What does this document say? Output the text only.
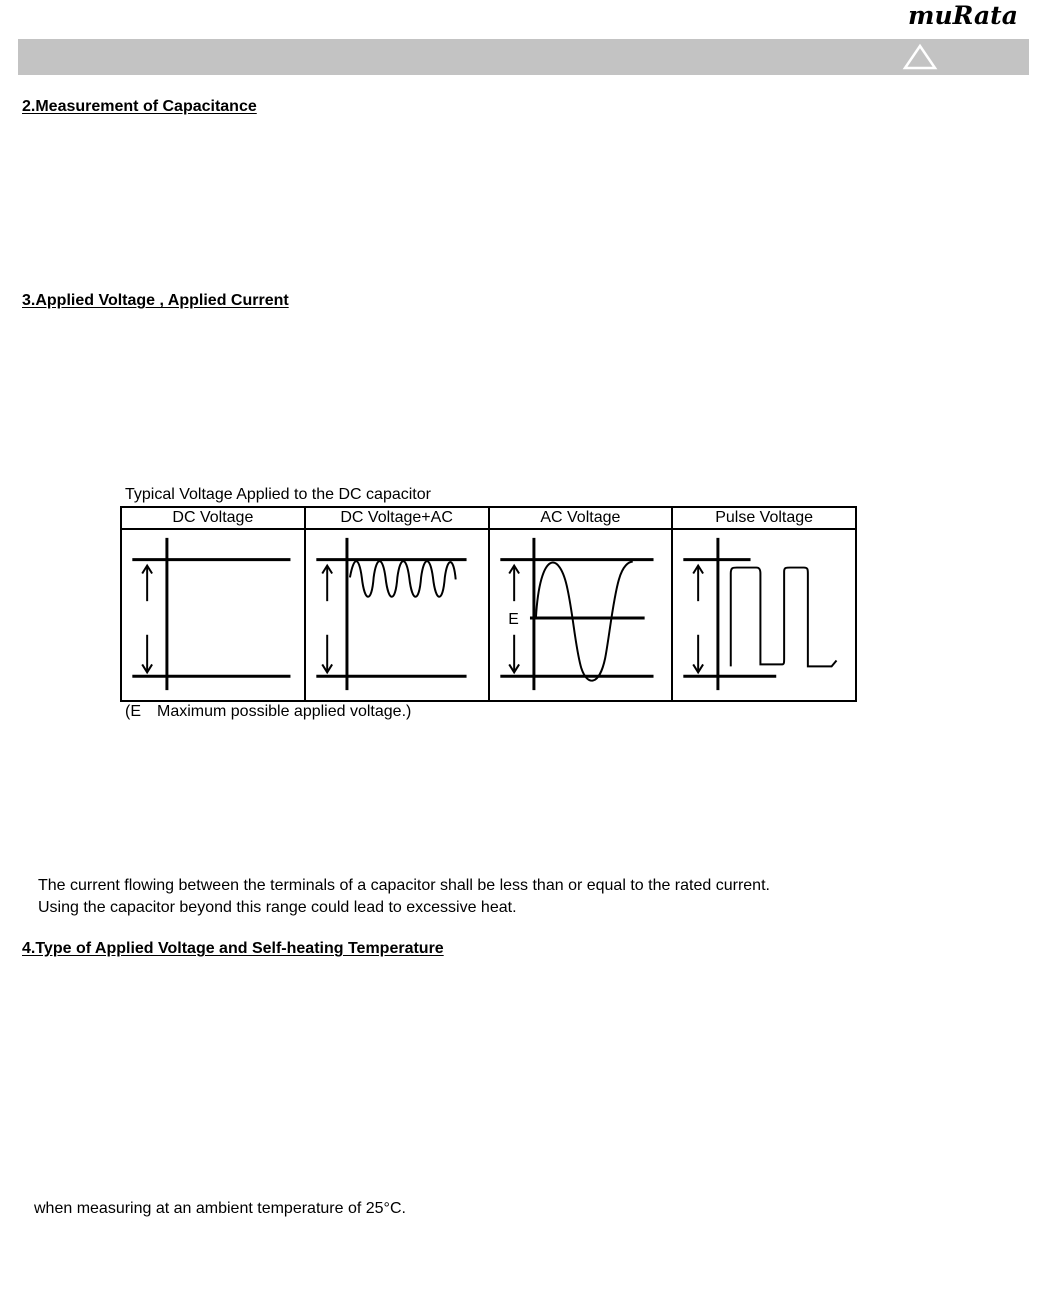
muRata
2.Measurement of Capacitance
3.Applied Voltage , Applied Current
Typical Voltage Applied to the DC capacitor
DC Voltage	DC Voltage+AC	AC Voltage	Pulse Voltage

E

(E Maximum possible applied voltage.)
The current flowing between the terminals of a capacitor shall be less than or equal to the rated current.
Using the capacitor beyond this range could lead to excessive heat.
4.Type of Applied Voltage and Self-heating Temperature
when measuring at an ambient temperature of 25°C.
